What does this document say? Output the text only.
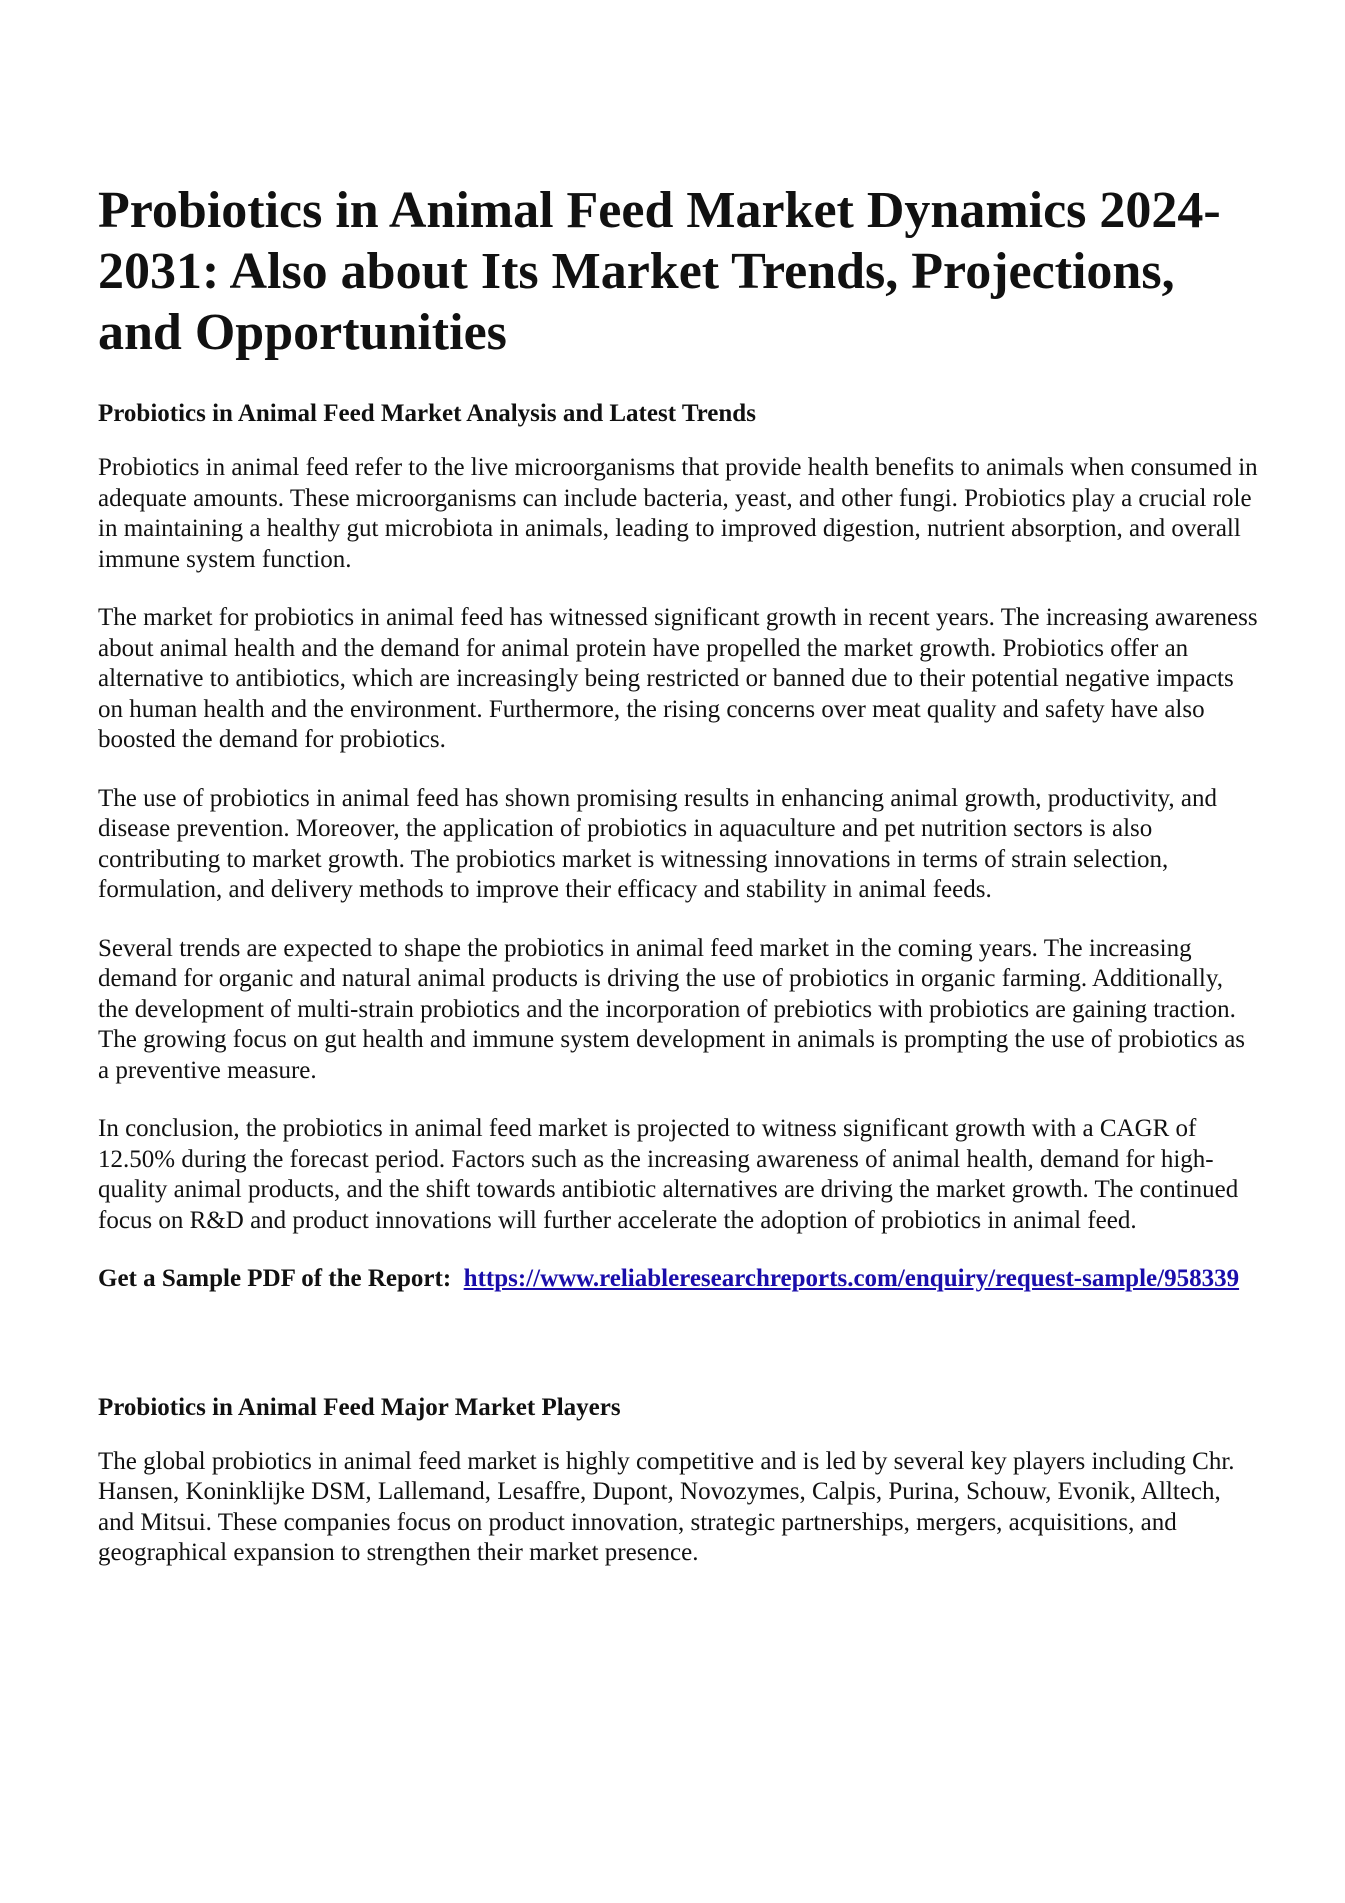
Probiotics in Animal Feed Market Dynamics 2024-2031: Also about Its Market Trends, Projections, and Opportunities
Probiotics in Animal Feed Market Analysis and Latest Trends

Probiotics in animal feed refer to the live microorganisms that provide health benefits to animals when consumed in adequate amounts. These microorganisms can include bacteria, yeast, and other fungi. Probiotics play a crucial role in maintaining a healthy gut microbiota in animals, leading to improved digestion, nutrient absorption, and overall immune system function.

The market for probiotics in animal feed has witnessed significant growth in recent years. The increasing awareness about animal health and the demand for animal protein have propelled the market growth. Probiotics offer an alternative to antibiotics, which are increasingly being restricted or banned due to their potential negative impacts on human health and the environment. Furthermore, the rising concerns over meat quality and safety have also boosted the demand for probiotics.

The use of probiotics in animal feed has shown promising results in enhancing animal growth, productivity, and disease prevention. Moreover, the application of probiotics in aquaculture and pet nutrition sectors is also contributing to market growth. The probiotics market is witnessing innovations in terms of strain selection, formulation, and delivery methods to improve their efficacy and stability in animal feeds.

Several trends are expected to shape the probiotics in animal feed market in the coming years. The increasing demand for organic and natural animal products is driving the use of probiotics in organic farming. Additionally, the development of multi-strain probiotics and the incorporation of prebiotics with probiotics are gaining traction. The growing focus on gut health and immune system development in animals is prompting the use of probiotics as a preventive measure.

In conclusion, the probiotics in animal feed market is projected to witness significant growth with a CAGR of 12.50% during the forecast period. Factors such as the increasing awareness of animal health, demand for high-quality animal products, and the shift towards antibiotic alternatives are driving the market growth. The continued focus on R&D and product innovations will further accelerate the adoption of probiotics in animal feed.

Get a Sample PDF of the Report: https://www.reliableresearchreports.com/enquiry/request-sample/958339
Probiotics in Animal Feed Major Market Players

The global probiotics in animal feed market is highly competitive and is led by several key players including Chr. Hansen, Koninklijke DSM, Lallemand, Lesaffre, Dupont, Novozymes, Calpis, Purina, Schouw, Evonik, Alltech, and Mitsui. These companies focus on product innovation, strategic partnerships, mergers, acquisitions, and geographical expansion to strengthen their market presence.
